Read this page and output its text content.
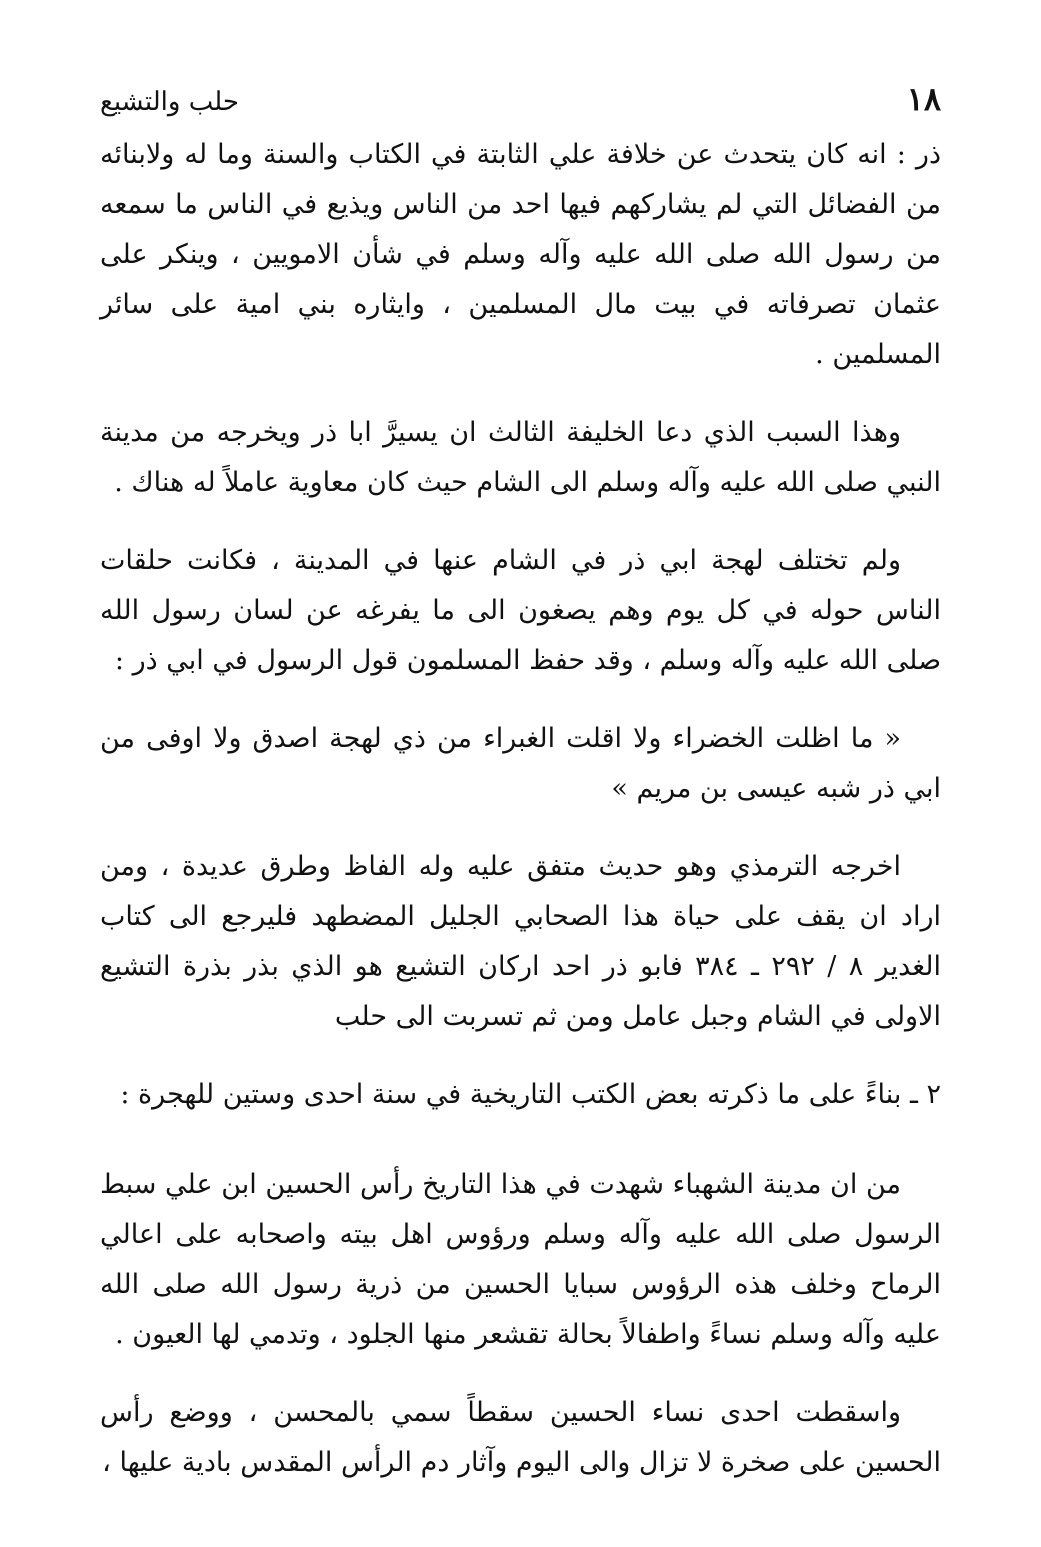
١٨
حلب والتشيع

ذر : انه كان يتحدث عن خلافة علي الثابتة في الكتاب والسنة وما له ولابنائه من الفضائل التي لم يشاركهم فيها احد من الناس ويذيع في الناس ما سمعه من رسول الله صلى الله عليه وآله وسلم في شأن الامويين ، وينكر على عثمان تصرفاته في بيت مال المسلمين ، وايثاره بني امية على سائر المسلمين .

وهذا السبب الذي دعا الخليفة الثالث ان يسيرَّ ابا ذر ويخرجه من مدينة النبي صلى الله عليه وآله وسلم الى الشام حيث كان معاوية عاملاً له هناك .

ولم تختلف لهجة ابي ذر في الشام عنها في المدينة ، فكانت حلقات الناس حوله في كل يوم وهم يصغون الى ما يفرغه عن لسان رسول الله صلى الله عليه وآله وسلم ، وقد حفظ المسلمون قول الرسول في ابي ذر :

« ما اظلت الخضراء ولا اقلت الغبراء من ذي لهجة اصدق ولا اوفى من ابي ذر شبه عيسى بن مريم »

اخرجه الترمذي وهو حديث متفق عليه وله الفاظ وطرق عديدة ، ومن اراد ان يقف على حياة هذا الصحابي الجليل المضطهد فليرجع الى كتاب الغدير ٨ / ٢٩٢ ـ ٣٨٤ فابو ذر احد اركان التشيع هو الذي بذر بذرة التشيع الاولى في الشام وجبل عامل ومن ثم تسربت الى حلب

٢ ـ بناءً على ما ذكرته بعض الكتب التاريخية في سنة احدى وستين للهجرة :

من ان مدينة الشهباء شهدت في هذا التاريخ رأس الحسين ابن علي سبط الرسول صلى الله عليه وآله وسلم ورؤوس اهل بيته واصحابه على اعالي الرماح وخلف هذه الرؤوس سبايا الحسين من ذرية رسول الله صلى الله عليه وآله وسلم نساءً واطفالاً بحالة تقشعر منها الجلود ، وتدمي لها العيون .

واسقطت احدى نساء الحسين سقطاً سمي بالمحسن ، ووضع رأس الحسين على صخرة لا تزال والى اليوم وآثار دم الرأس المقدس بادية عليها ،
